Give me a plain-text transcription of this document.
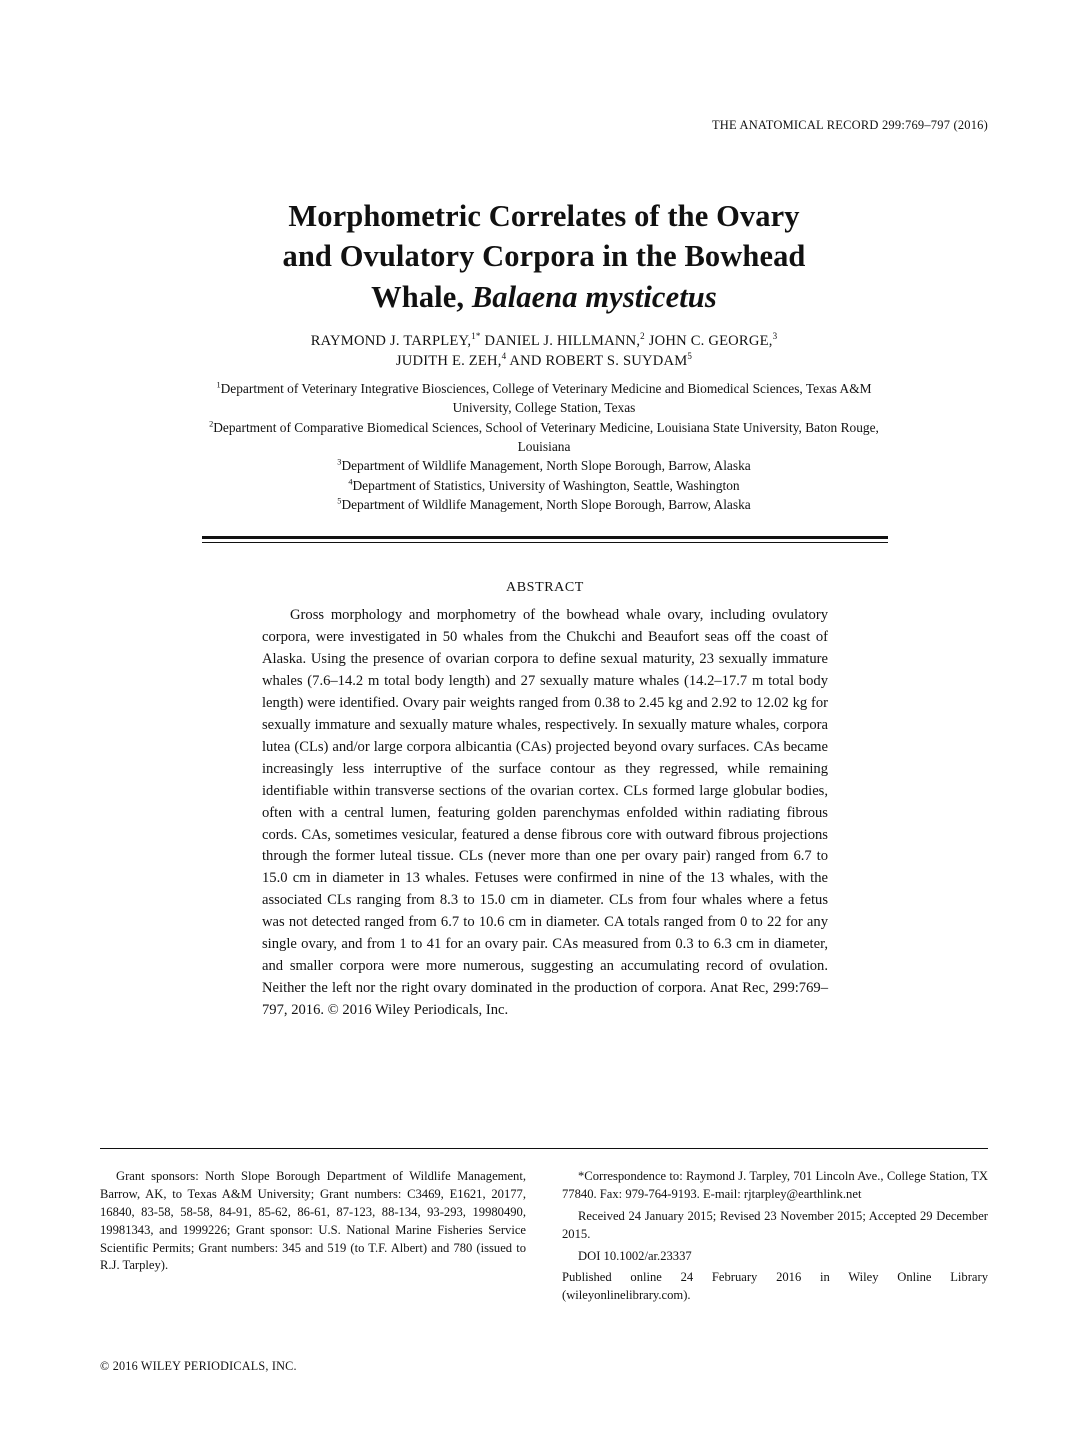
THE ANATOMICAL RECORD 299:769–797 (2016)
Morphometric Correlates of the Ovary
and Ovulatory Corpora in the Bowhead
Whale, Balaena mysticetus
RAYMOND J. TARPLEY,$^{1*}$ DANIEL J. HILLMANN,$^2$ JOHN C. GEORGE,$^3$
JUDITH E. ZEH,$^4$ AND ROBERT S. SUYDAM$^5$
$^1$Department of Veterinary Integrative Biosciences, College of Veterinary Medicine and Biomedical Sciences, Texas A&M University, College Station, Texas
$^2$Department of Comparative Biomedical Sciences, School of Veterinary Medicine, Louisiana State University, Baton Rouge, Louisiana
$^3$Department of Wildlife Management, North Slope Borough, Barrow, Alaska
$^4$Department of Statistics, University of Washington, Seattle, Washington
$^5$Department of Wildlife Management, North Slope Borough, Barrow, Alaska
ABSTRACT
Gross morphology and morphometry of the bowhead whale ovary, including ovulatory corpora, were investigated in 50 whales from the Chukchi and Beaufort seas off the coast of Alaska. Using the presence of ovarian corpora to define sexual maturity, 23 sexually immature whales (7.6–14.2 m total body length) and 27 sexually mature whales (14.2–17.7 m total body length) were identified. Ovary pair weights ranged from 0.38 to 2.45 kg and 2.92 to 12.02 kg for sexually immature and sexually mature whales, respectively. In sexually mature whales, corpora lutea (CLs) and/or large corpora albicantia (CAs) projected beyond ovary surfaces. CAs became increasingly less interruptive of the surface contour as they regressed, while remaining identifiable within transverse sections of the ovarian cortex. CLs formed large globular bodies, often with a central lumen, featuring golden parenchymas enfolded within radiating fibrous cords. CAs, sometimes vesicular, featured a dense fibrous core with outward fibrous projections through the former luteal tissue. CLs (never more than one per ovary pair) ranged from 6.7 to 15.0 cm in diameter in 13 whales. Fetuses were confirmed in nine of the 13 whales, with the associated CLs ranging from 8.3 to 15.0 cm in diameter. CLs from four whales where a fetus was not detected ranged from 6.7 to 10.6 cm in diameter. CA totals ranged from 0 to 22 for any single ovary, and from 1 to 41 for an ovary pair. CAs measured from 0.3 to 6.3 cm in diameter, and smaller corpora were more numerous, suggesting an accumulating record of ovulation. Neither the left nor the right ovary dominated in the production of corpora. Anat Rec, 299:769–797, 2016. © 2016 Wiley Periodicals, Inc.

Grant sponsors: North Slope Borough Department of Wildlife Management, Barrow, AK, to Texas A&M University; Grant numbers: C3469, E1621, 20177, 16840, 83-58, 58-58, 84-91, 85-62, 86-61, 87-123, 88-134, 93-293, 19980490, 19981343, and 1999226; Grant sponsor: U.S. National Marine Fisheries Service Scientific Permits; Grant numbers: 345 and 519 (to T.F. Albert) and 780 (issued to R.J. Tarpley).

*Correspondence to: Raymond J. Tarpley, 701 Lincoln Ave., College Station, TX 77840. Fax: 979-764-9193. E-mail: rjtarpley@earthlink.net

Received 24 January 2015; Revised 23 November 2015; Accepted 29 December 2015.

DOI 10.1002/ar.23337

Published online 24 February 2016 in Wiley Online Library (wileyonlinelibrary.com).

© 2016 WILEY PERIODICALS, INC.
